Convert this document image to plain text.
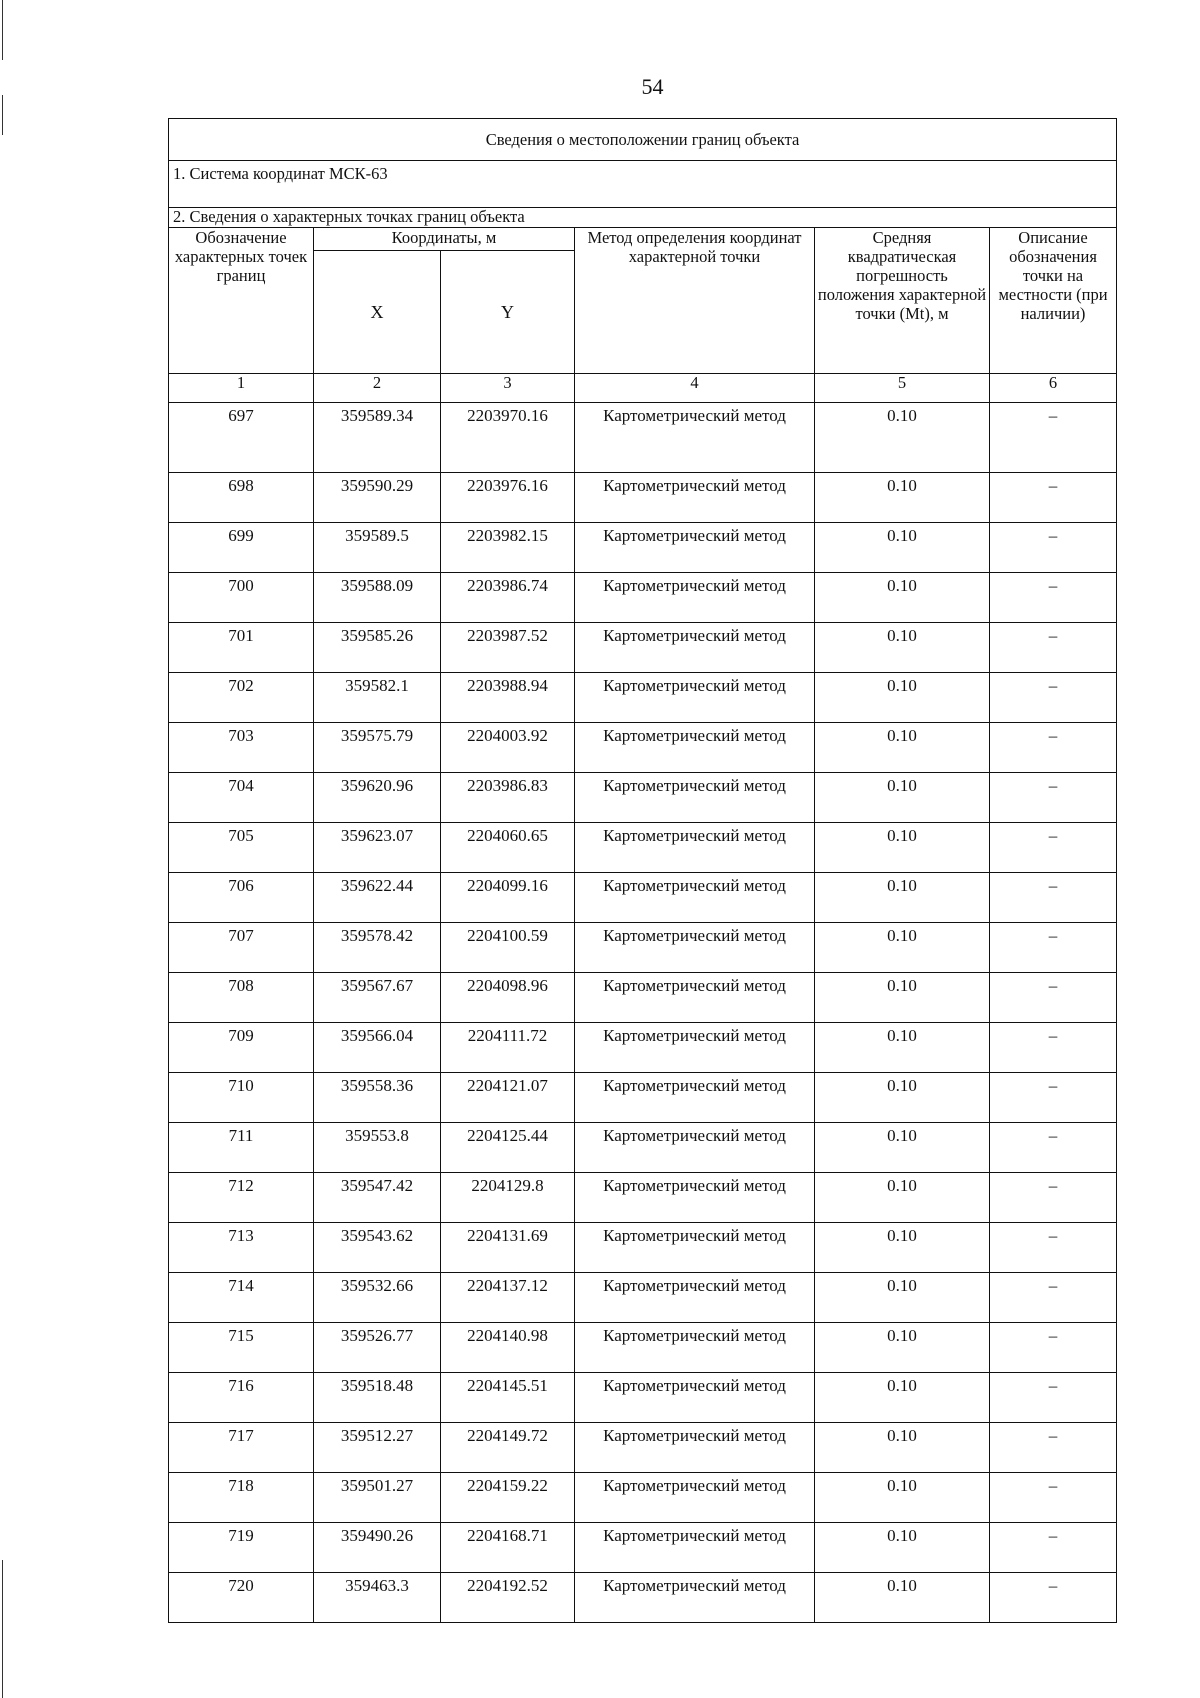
54
Сведения о местоположении границ объекта					
1. Система координат МСК-63					
2. Сведения о характерных точках границ объекта					
Обозначение характерных точек границ	Координаты, м		Метод определения координат характерной точки	Средняя квадратическая погрешность положения характерной точки (Mt), м	Описание обозначения точки на местности (при наличии)
	X	Y			
1	2	3	4	5	6
697	359589.34	2203970.16	Картометрический метод	0.10	–
698	359590.29	2203976.16	Картометрический метод	0.10	–
699	359589.5	2203982.15	Картометрический метод	0.10	–
700	359588.09	2203986.74	Картометрический метод	0.10	–
701	359585.26	2203987.52	Картометрический метод	0.10	–
702	359582.1	2203988.94	Картометрический метод	0.10	–
703	359575.79	2204003.92	Картометрический метод	0.10	–
704	359620.96	2203986.83	Картометрический метод	0.10	–
705	359623.07	2204060.65	Картометрический метод	0.10	–
706	359622.44	2204099.16	Картометрический метод	0.10	–
707	359578.42	2204100.59	Картометрический метод	0.10	–
708	359567.67	2204098.96	Картометрический метод	0.10	–
709	359566.04	2204111.72	Картометрический метод	0.10	–
710	359558.36	2204121.07	Картометрический метод	0.10	–
711	359553.8	2204125.44	Картометрический метод	0.10	–
712	359547.42	2204129.8	Картометрический метод	0.10	–
713	359543.62	2204131.69	Картометрический метод	0.10	–
714	359532.66	2204137.12	Картометрический метод	0.10	–
715	359526.77	2204140.98	Картометрический метод	0.10	–
716	359518.48	2204145.51	Картометрический метод	0.10	–
717	359512.27	2204149.72	Картометрический метод	0.10	–
718	359501.27	2204159.22	Картометрический метод	0.10	–
719	359490.26	2204168.71	Картометрический метод	0.10	–
720	359463.3	2204192.52	Картометрический метод	0.10	–
